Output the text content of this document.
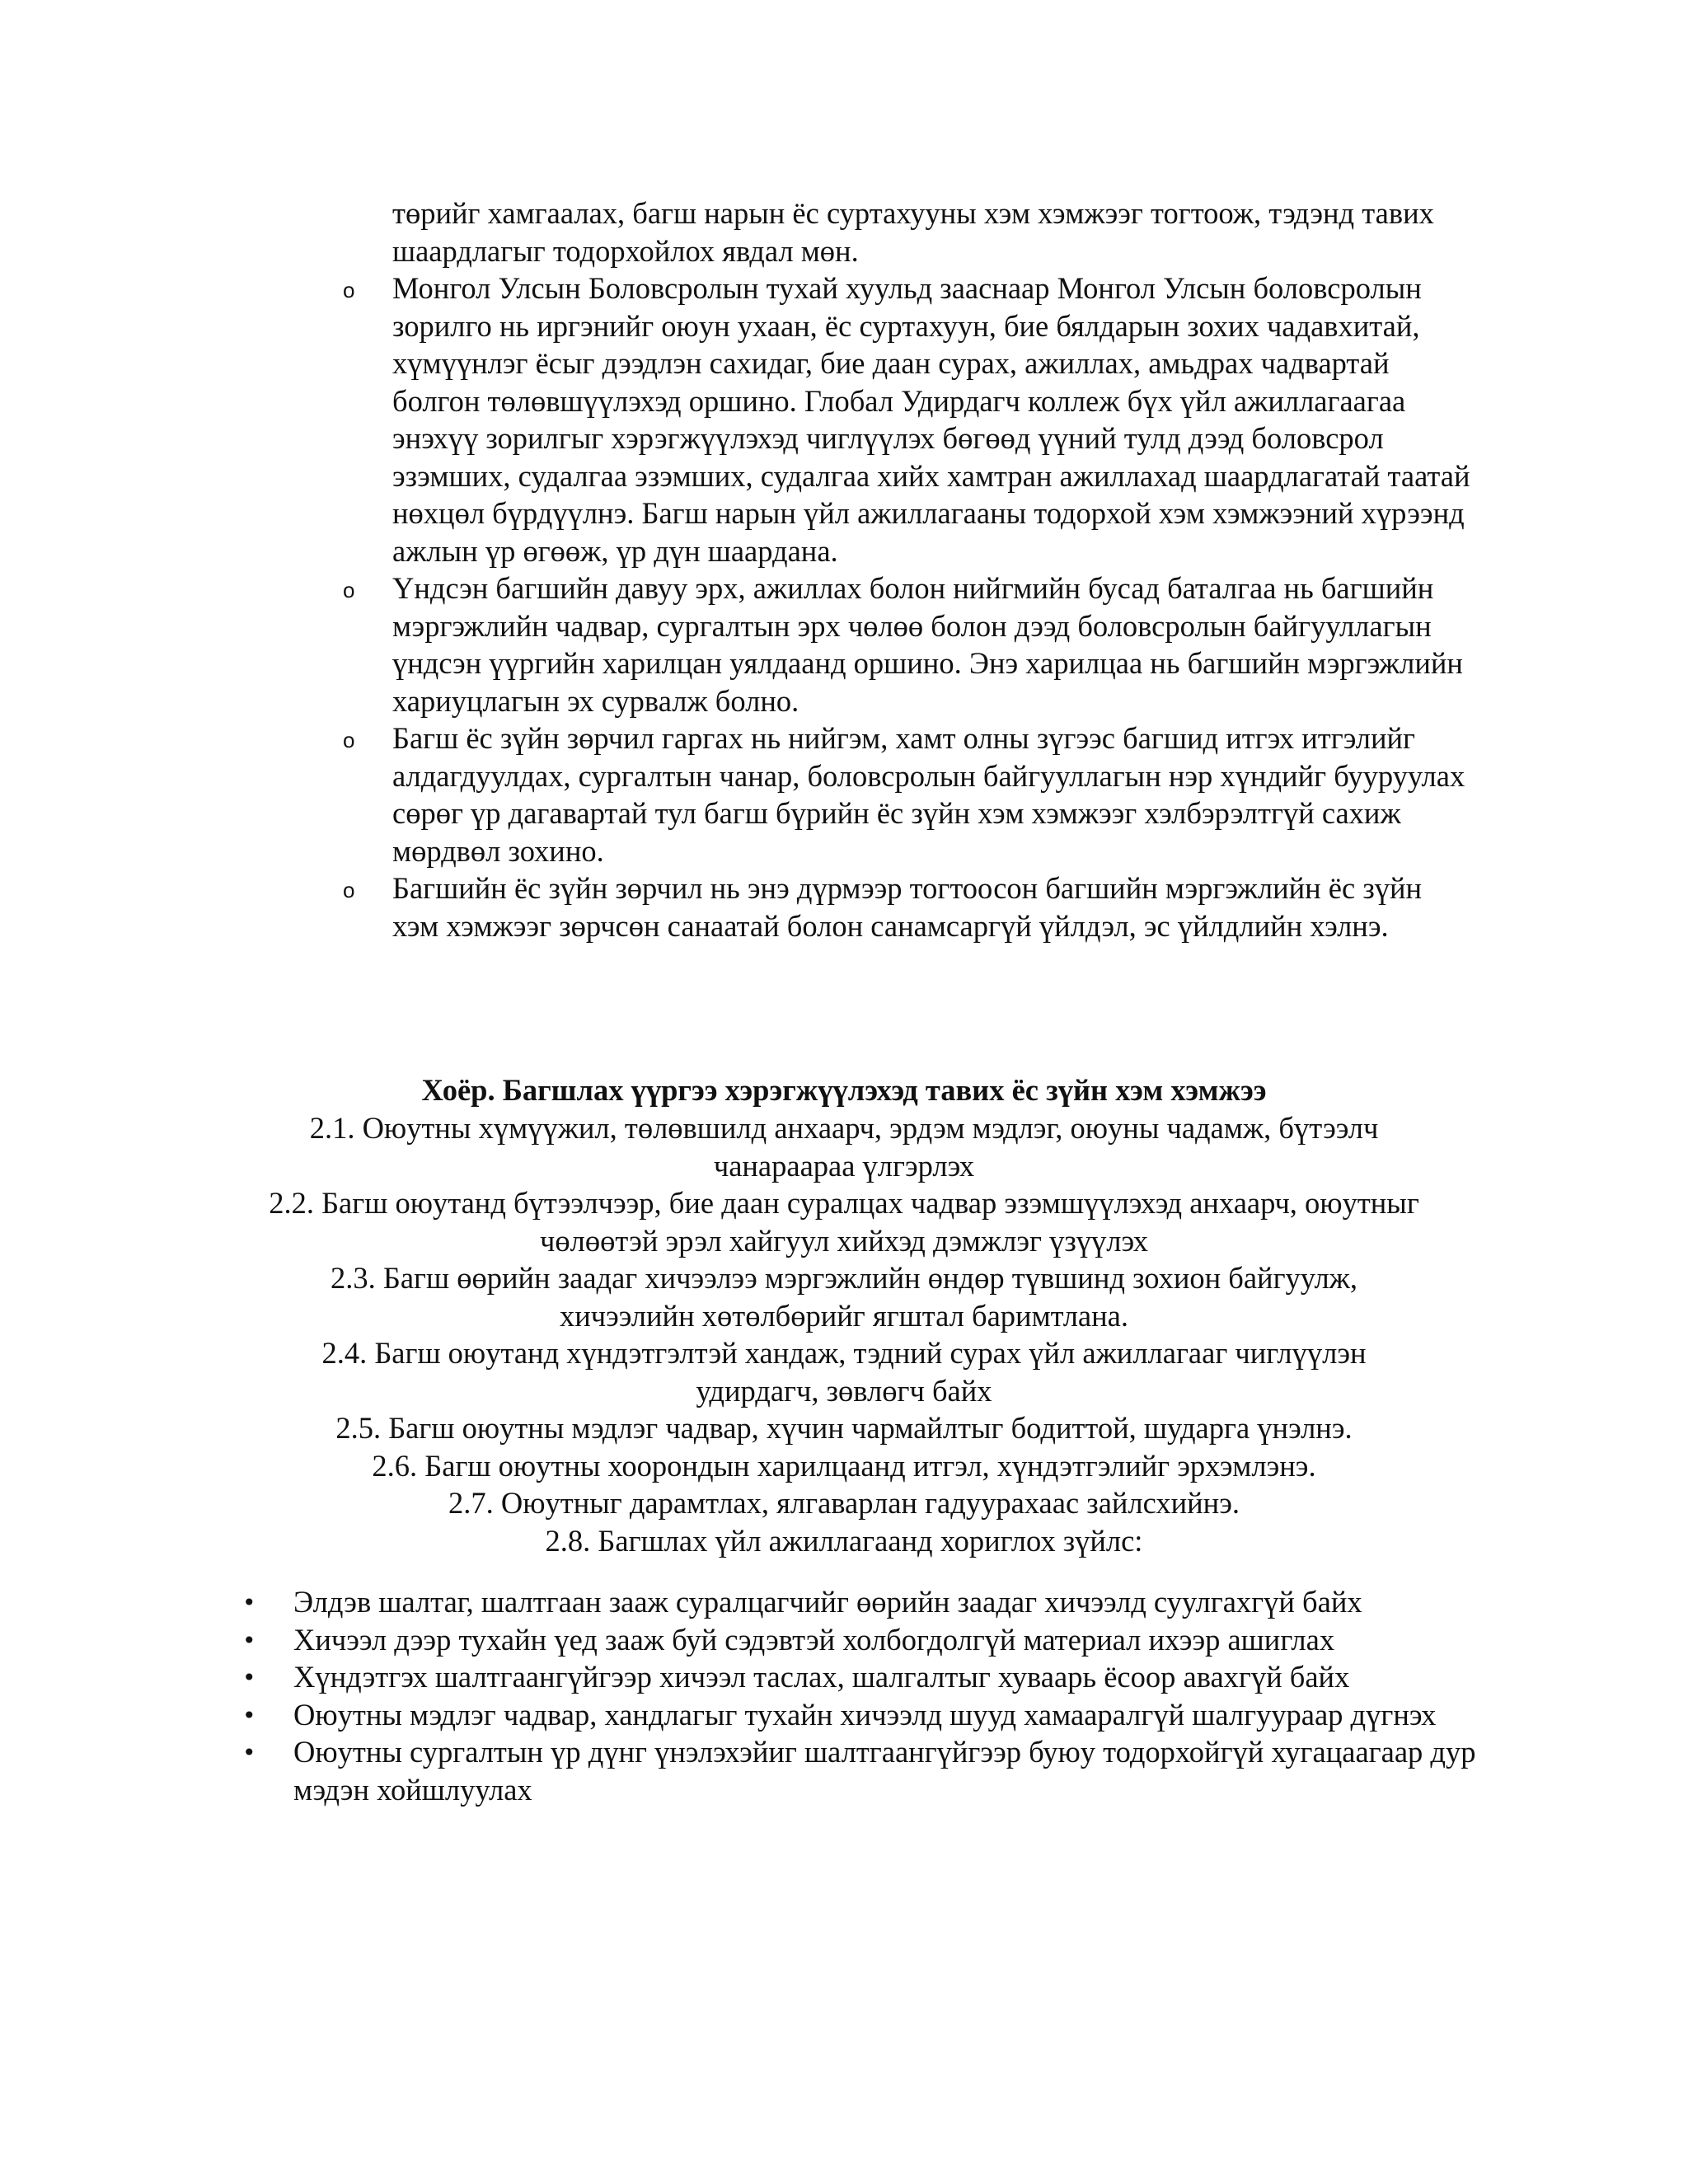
төрийг хамгаалах, багш нарын ёс суртахууны хэм хэмжээг тогтоож, тэдэнд тавих шаардлагыг тодорхойлох явдал мөн.
o Монгол Улсын Боловсролын тухай хуульд зааснаар Монгол Улсын боловсролын зорилго нь иргэнийг оюун ухаан, ёс суртахуун, бие бялдарын зохих чадавхитай, хүмүүнлэг ёсыг дээдлэн сахидаг, бие даан сурах, ажиллах, амьдрах чадвартай болгон төлөвшүүлэхэд оршино. Глобал Удирдагч коллеж бүх үйл ажиллагаагаа энэхүү зорилгыг хэрэгжүүлэхэд чиглүүлэх бөгөөд үүний тулд дээд боловсрол эзэмших, судалгаа эзэмших, судалгаа хийх хамтран ажиллахад шаардлагатай таатай нөхцөл бүрдүүлнэ. Багш нарын үйл ажиллагааны тодорхой хэм хэмжээний хүрээнд ажлын үр өгөөж, үр дүн шаардана.
o Үндсэн багшийн давуу эрх, ажиллах болон нийгмийн бусад баталгаа нь багшийн мэргэжлийн чадвар, сургалтын эрх чөлөө болон дээд боловсролын байгууллагын үндсэн үүргийн харилцан уялдаанд оршино. Энэ харилцаа нь багшийн мэргэжлийн хариуцлагын эх сурвалж болно.
o Багш ёс зүйн зөрчил гаргах нь нийгэм, хамт олны зүгээс багшид итгэх итгэлийг алдагдуулдах, сургалтын чанар, боловсролын байгууллагын нэр хүндийг бууруулах сөрөг үр дагавартай тул багш бүрийн ёс зүйн хэм хэмжээг хэлбэрэлтгүй сахиж мөрдвөл зохино.
o Багшийн ёс зүйн зөрчил нь энэ дүрмээр тогтоосон багшийн мэргэжлийн ёс зүйн хэм хэмжээг зөрчсөн санаатай болон санамсаргүй үйлдэл, эс үйлдлийн хэлнэ.

Хоёр. Багшлах үүргээ хэрэгжүүлэхэд тавих ёс зүйн хэм хэмжээ

2.1. Оюутны хүмүүжил, төлөвшилд анхаарч, эрдэм мэдлэг, оюуны чадамж, бүтээлч

чанараараа үлгэрлэх

2.2. Багш оюутанд бүтээлчээр, бие даан суралцах чадвар эзэмшүүлэхэд анхаарч, оюутныг

чөлөөтэй эрэл хайгуул хийхэд дэмжлэг үзүүлэх

2.3. Багш өөрийн заадаг хичээлээ мэргэжлийн өндөр түвшинд зохион байгуулж,

хичээлийн хөтөлбөрийг ягштал баримтлана.

2.4. Багш оюутанд хүндэтгэлтэй хандаж, тэдний сурах үйл ажиллагааг чиглүүлэн

удирдагч, зөвлөгч байх

2.5. Багш оюутны мэдлэг чадвар, хүчин чармайлтыг бодиттой, шударга үнэлнэ.

2.6. Багш оюутны хоорондын харилцаанд итгэл, хүндэтгэлийг эрхэмлэнэ.

2.7. Оюутныг дарамтлах, ялгаварлан гадуурахаас зайлсхийнэ.

2.8. Багшлах үйл ажиллагаанд хориглох зүйлс:

• Элдэв шалтаг, шалтгаан зааж суралцагчийг өөрийн заадаг хичээлд суулгахгүй байх
• Хичээл дээр тухайн үед зааж буй сэдэвтэй холбогдолгүй материал ихээр ашиглах
• Хүндэтгэх шалтгаангүйгээр хичээл таслах, шалгалтыг хуваарь ёсоор авахгүй байх
• Оюутны мэдлэг чадвар, хандлагыг тухайн хичээлд шууд хамааралгүй шалгуураар дүгнэх
• Оюутны сургалтын үр дүнг үнэлэхэйиг шалтгаангүйгээр буюу тодорхойгүй хугацаагаар дур мэдэн хойшлуулах
